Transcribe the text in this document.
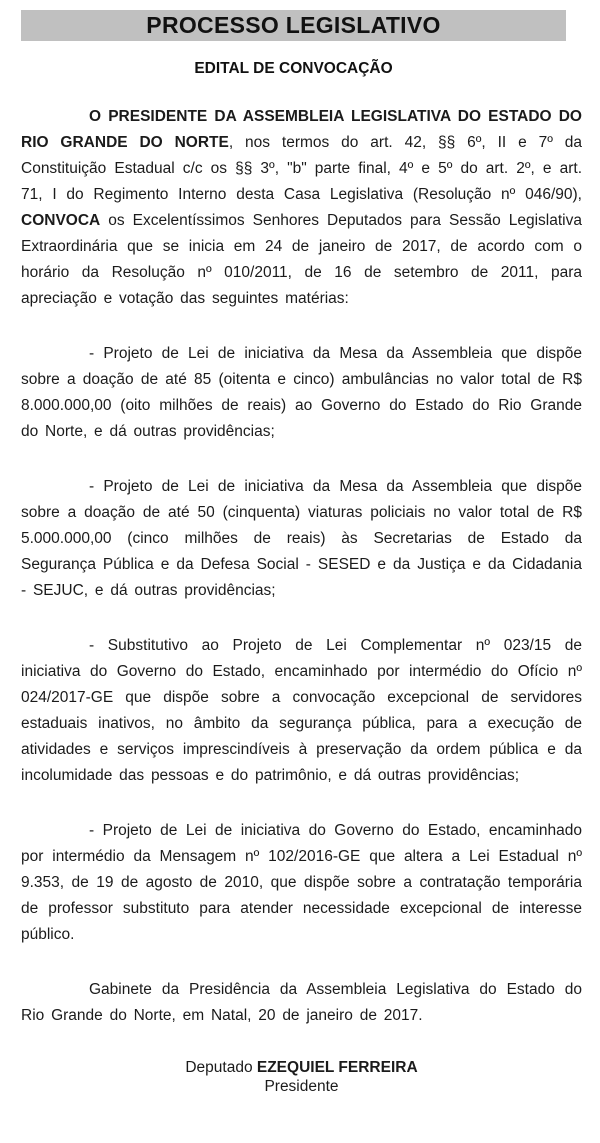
PROCESSO LEGISLATIVO
EDITAL DE CONVOCAÇÃO

O PRESIDENTE DA ASSEMBLEIA LEGISLATIVA DO ESTADO DO RIO GRANDE DO NORTE, nos termos do art. 42, §§ 6º, II e 7º da Constituição Estadual c/c os §§ 3º, "b" parte final, 4º e 5º do art. 2º, e art. 71, I do Regimento Interno desta Casa Legislativa (Resolução nº 046/90), CONVOCA os Excelentíssimos Senhores Deputados para Sessão Legislativa Extraordinária que se inicia em 24 de janeiro de 2017, de acordo com o horário da Resolução nº 010/2011, de 16 de setembro de 2011, para apreciação e votação das seguintes matérias:

- Projeto de Lei de iniciativa da Mesa da Assembleia que dispõe sobre a doação de até 85 (oitenta e cinco) ambulâncias no valor total de R$ 8.000.000,00 (oito milhões de reais) ao Governo do Estado do Rio Grande do Norte, e dá outras providências;

- Projeto de Lei de iniciativa da Mesa da Assembleia que dispõe sobre a doação de até 50 (cinquenta) viaturas policiais no valor total de R$ 5.000.000,00 (cinco milhões de reais) às Secretarias de Estado da Segurança Pública e da Defesa Social - SESED e da Justiça e da Cidadania - SEJUC, e dá outras providências;

- Substitutivo ao Projeto de Lei Complementar nº 023/15 de iniciativa do Governo do Estado, encaminhado por intermédio do Ofício nº 024/2017-GE que dispõe sobre a convocação excepcional de servidores estaduais inativos, no âmbito da segurança pública, para a execução de atividades e serviços imprescindíveis à preservação da ordem pública e da incolumidade das pessoas e do patrimônio, e dá outras providências;

- Projeto de Lei de iniciativa do Governo do Estado, encaminhado por intermédio da Mensagem nº 102/2016-GE que altera a Lei Estadual nº 9.353, de 19 de agosto de 2010, que dispõe sobre a contratação temporária de professor substituto para atender necessidade excepcional de interesse público.

Gabinete da Presidência da Assembleia Legislativa do Estado do Rio Grande do Norte, em Natal, 20 de janeiro de 2017.

Deputado EZEQUIEL FERREIRA
Presidente
